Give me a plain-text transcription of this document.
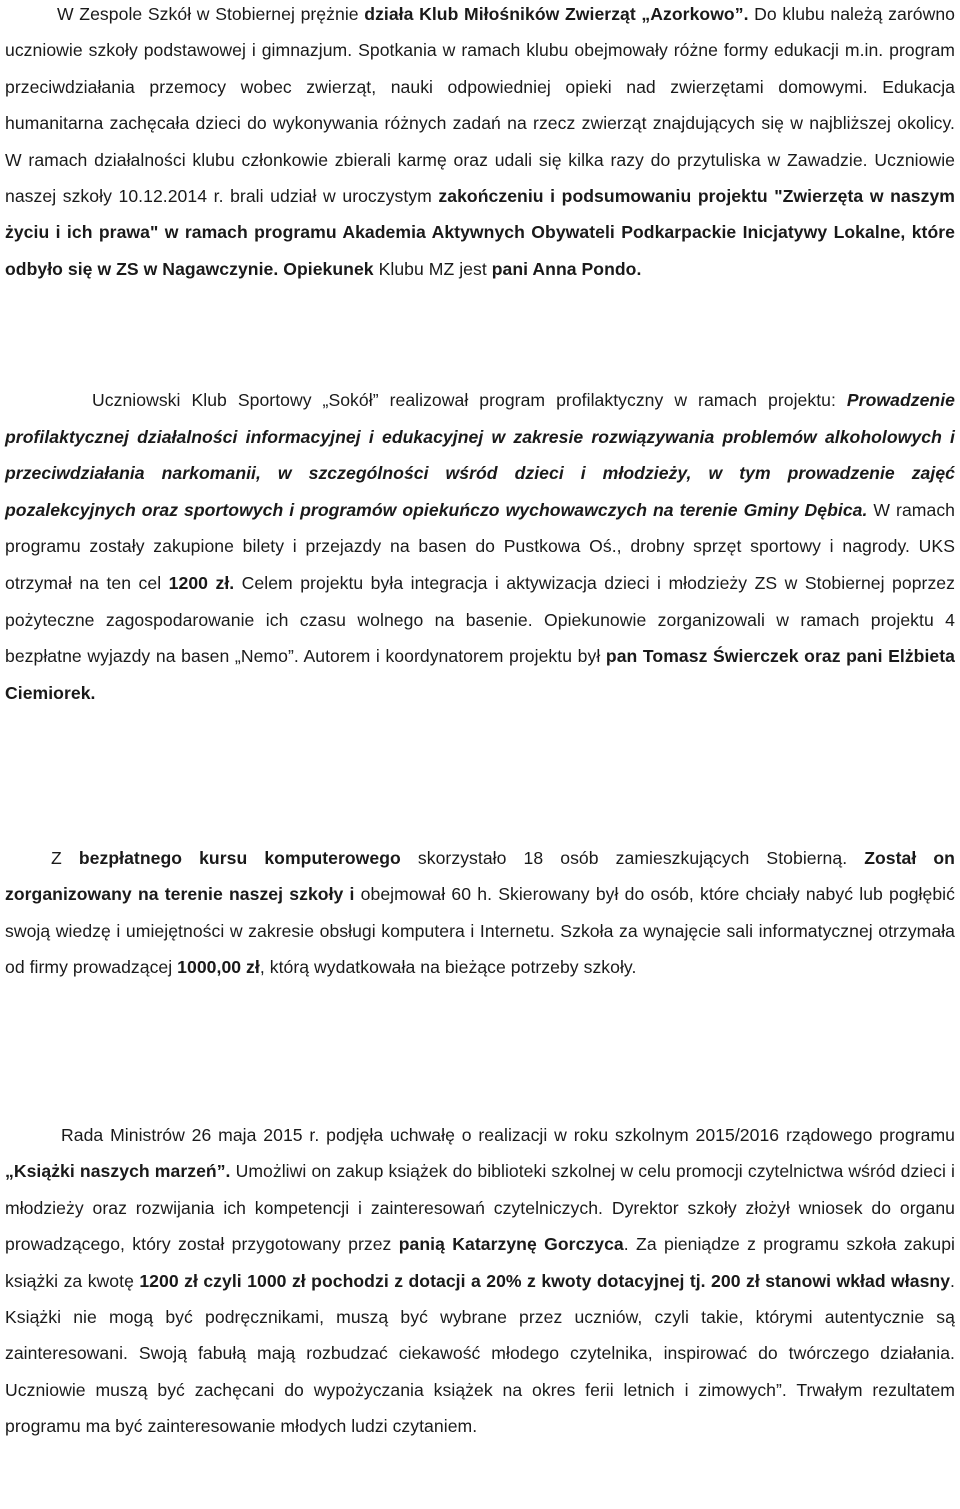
W Zespole Szkół w Stobiernej prężnie działa Klub Miłośników Zwierząt „Azorkowo”. Do klubu należą zarówno uczniowie szkoły podstawowej i gimnazjum. Spotkania w ramach klubu obejmowały różne formy edukacji m.in. program przeciwdziałania przemocy wobec zwierząt, nauki odpowiedniej opieki nad zwierzętami domowymi. Edukacja humanitarna zachęcała dzieci do wykonywania różnych zadań na rzecz zwierząt znajdujących się w najbliższej okolicy. W ramach działalności klubu członkowie zbierali karmę oraz udali się kilka razy do przytuliska w Zawadzie. Uczniowie naszej szkoły 10.12.2014 r. brali udział w uroczystym zakończeniu i podsumowaniu projektu "Zwierzęta w naszym życiu i ich prawa" w ramach programu Akademia Aktywnych Obywateli Podkarpackie Inicjatywy Lokalne, które odbyło się w ZS w Nagawczynie. Opiekunek Klubu MZ jest pani Anna Pondo.

Uczniowski Klub Sportowy „Sokół” realizował program profilaktyczny w ramach projektu: Prowadzenie profilaktycznej działalności informacyjnej i edukacyjnej w zakresie rozwiązywania problemów alkoholowych i przeciwdziałania narkomanii, w szczególności wśród dzieci i młodzieży, w tym prowadzenie zajęć pozalekcyjnych oraz sportowych i programów opiekuńczo wychowawczych na terenie Gminy Dębica. W ramach programu zostały zakupione bilety i przejazdy na basen do Pustkowa Oś., drobny sprzęt sportowy i nagrody. UKS otrzymał na ten cel 1200 zł. Celem projektu była integracja i aktywizacja dzieci i młodzieży ZS w Stobiernej poprzez pożyteczne zagospodarowanie ich czasu wolnego na basenie. Opiekunowie zorganizowali w ramach projektu 4 bezpłatne wyjazdy na basen „Nemo”. Autorem i koordynatorem projektu był pan Tomasz Świerczek oraz pani Elżbieta Ciemiorek.

Z bezpłatnego kursu komputerowego skorzystało 18 osób zamieszkujących Stobierną. Został on zorganizowany na terenie naszej szkoły i obejmował 60 h. Skierowany był do osób, które chciały nabyć lub pogłębić swoją wiedzę i umiejętności w zakresie obsługi komputera i Internetu. Szkoła za wynajęcie sali informatycznej otrzymała od firmy prowadzącej 1000,00 zł, którą wydatkowała na bieżące potrzeby szkoły.

Rada Ministrów 26 maja 2015 r. podjęła uchwałę o realizacji w roku szkolnym 2015/2016 rządowego programu „Książki naszych marzeń”. Umożliwi on zakup książek do biblioteki szkolnej w celu promocji czytelnictwa wśród dzieci i młodzieży oraz rozwijania ich kompetencji i zainteresowań czytelniczych. Dyrektor szkoły złożył wniosek do organu prowadzącego, który został przygotowany przez panią Katarzynę Gorczyca. Za pieniądze z programu szkoła zakupi książki za kwotę 1200 zł czyli 1000 zł pochodzi z dotacji a 20% z kwoty dotacyjnej tj. 200 zł stanowi wkład własny. Książki nie mogą być podręcznikami, muszą być wybrane przez uczniów, czyli takie, którymi autentycznie są zainteresowani. Swoją fabułą mają rozbudzać ciekawość młodego czytelnika, inspirować do twórczego działania. Uczniowie muszą być zachęcani do wypożyczania książek na okres ferii letnich i zimowych”. Trwałym rezultatem programu ma być zainteresowanie młodych ludzi czytaniem.
